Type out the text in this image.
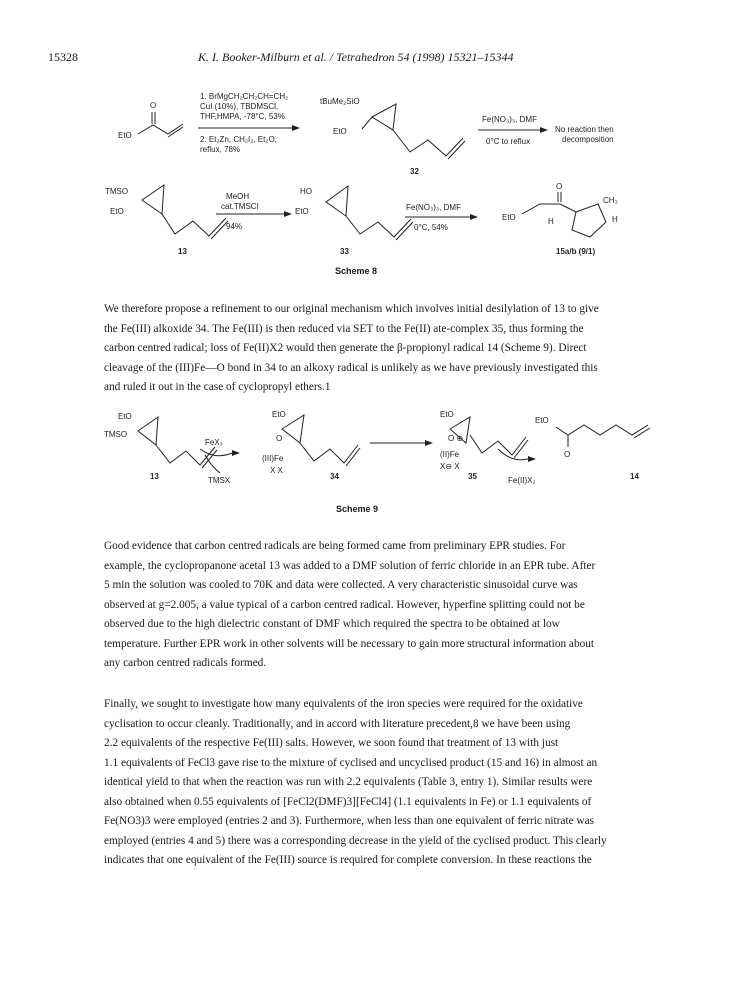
15328	K. I. Booker-Milburn et al. / Tetrahedron 54 (1998) 15321–15344
O
EtO
1. BrMgCH₂CH₂CH=CH₂
CuI (10%), TBDMSCl,
THF,HMPA, -78°C, 53%
2. Et₂Zn, CH₂I₂, Et₂O,
reflux, 78%
tBuMe₂SiO
EtO
32
Fe(NO₃)₃, DMF
0°C to reflux
No reaction then
decomposition
TMSO
EtO
13
MeOH
cat.TMSCl
94%
HO
EtO
33
Fe(NO₃)₃, DMF
0°C, 54%
O
EtO
CH₃
H	H
15a/b (9/1)
Scheme 8

We therefore propose a refinement to our original mechanism which involves initial desilylation of 13 to give

the Fe(III) alkoxide 34. The Fe(III) is then reduced via SET to the Fe(II) ate-complex 35, thus forming the

carbon centred radical; loss of Fe(II)X2 would then generate the β-propionyl radical 14 (Scheme 9). Direct

cleavage of the (III)Fe—O bond in 34 to an alkoxy radical is unlikely as we have previously investigated this

and ruled it out in the case of cyclopropyl ethers.1

EtO
TMSO
13
FeX₃
TMSX
EtO
O
(III)Fe
X X
34
EtO
O ⊕
(II)Fe
X⊖ X
35	Fe(II)X₂
EtO
O
14
Scheme 9

Good evidence that carbon centred radicals are being formed came from preliminary EPR studies. For

example, the cyclopropanone acetal 13 was added to a DMF solution of ferric chloride in an EPR tube. After

5 min the solution was cooled to 70K and data were collected. A very characteristic sinusoidal curve was

observed at g=2.005, a value typical of a carbon centred radical. However, hyperfine splitting could not be

observed due to the high dielectric constant of DMF which required the spectra to be obtained at low

temperature. Further EPR work in other solvents will be necessary to gain more structural information about

any carbon centred radicals formed.

Finally, we sought to investigate how many equivalents of the iron species were required for the oxidative

cyclisation to occur cleanly. Traditionally, and in accord with literature precedent,8 we have been using

2.2 equivalents of the respective Fe(III) salts. However, we soon found that treatment of 13 with just

1.1 equivalents of FeCl3 gave rise to the mixture of cyclised and uncyclised product (15 and 16) in almost an

identical yield to that when the reaction was run with 2.2 equivalents (Table 3, entry 1). Similar results were

also obtained when 0.55 equivalents of [FeCl2(DMF)3][FeCl4] (1.1 equivalents in Fe) or 1.1 equivalents of

Fe(NO3)3 were employed (entries 2 and 3). Furthermore, when less than one equivalent of ferric nitrate was

employed (entries 4 and 5) there was a corresponding decrease in the yield of the cyclised product. This clearly

indicates that one equivalent of the Fe(III) source is required for complete conversion. In these reactions the
